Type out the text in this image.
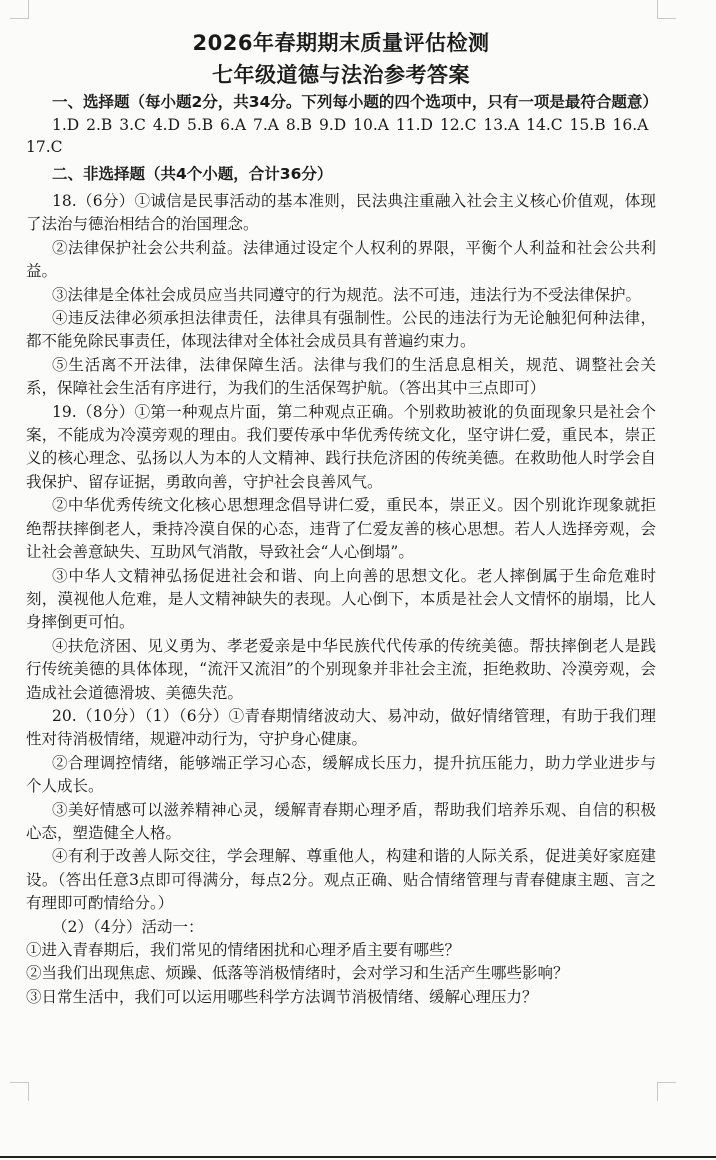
2026年春期期末质量评估检测
七年级道德与法治参考答案

一、选择题（每小题2分，共34分。下列每小题的四个选项中，只有一项是最符合题意）

1.D 2.B 3.C 4.D 5.B 6.A 7.A 8.B 9.D 10.A 11.D 12.C 13.A 14.C 15.B 16.A 17.C

二、非选择题（共4个小题，合计36分）

18.（6分）①诚信是民事活动的基本准则，民法典注重融入社会主义核心价值观，体现了法治与德治相结合的治国理念。

②法律保护社会公共利益。法律通过设定个人权利的界限，平衡个人利益和社会公共利益。

③法律是全体社会成员应当共同遵守的行为规范。法不可违，违法行为不受法律保护。

④违反法律必须承担法律责任，法律具有强制性。公民的违法行为无论触犯何种法律，都不能免除民事责任，体现法律对全体社会成员具有普遍约束力。

⑤生活离不开法律，法律保障生活。法律与我们的生活息息相关，规范、调整社会关系，保障社会生活有序进行，为我们的生活保驾护航。（答出其中三点即可）

19.（8分）①第一种观点片面，第二种观点正确。个别救助被讹的负面现象只是社会个案，不能成为冷漠旁观的理由。我们要传承中华优秀传统文化，坚守讲仁爱，重民本，崇正义的核心理念、弘扬以人为本的人文精神、践行扶危济困的传统美德。在救助他人时学会自我保护、留存证据，勇敢向善，守护社会良善风气。

②中华优秀传统文化核心思想理念倡导讲仁爱，重民本，崇正义。因个别讹诈现象就拒绝帮扶摔倒老人，秉持冷漠自保的心态，违背了仁爱友善的核心思想。若人人选择旁观，会让社会善意缺失、互助风气消散，导致社会“人心倒塌”。

③中华人文精神弘扬促进社会和谐、向上向善的思想文化。老人摔倒属于生命危难时刻，漠视他人危难，是人文精神缺失的表现。人心倒下，本质是社会人文情怀的崩塌，比人身摔倒更可怕。

④扶危济困、见义勇为、孝老爱亲是中华民族代代传承的传统美德。帮扶摔倒老人是践行传统美德的具体体现，“流汗又流泪”的个别现象并非社会主流，拒绝救助、冷漠旁观，会造成社会道德滑坡、美德失范。

20.（10分）（1）（6分）①青春期情绪波动大、易冲动，做好情绪管理，有助于我们理性对待消极情绪，规避冲动行为，守护身心健康。

②合理调控情绪，能够端正学习心态，缓解成长压力，提升抗压能力，助力学业进步与个人成长。

③美好情感可以滋养精神心灵，缓解青春期心理矛盾，帮助我们培养乐观、自信的积极心态，塑造健全人格。

④有利于改善人际交往，学会理解、尊重他人，构建和谐的人际关系，促进美好家庭建设。（答出任意3点即可得满分，每点2分。观点正确、贴合情绪管理与青春健康主题、言之有理即可酌情给分。）

（2）（4分）活动一：

①进入青春期后，我们常见的情绪困扰和心理矛盾主要有哪些？

②当我们出现焦虑、烦躁、低落等消极情绪时，会对学习和生活产生哪些影响？

③日常生活中，我们可以运用哪些科学方法调节消极情绪、缓解心理压力？
